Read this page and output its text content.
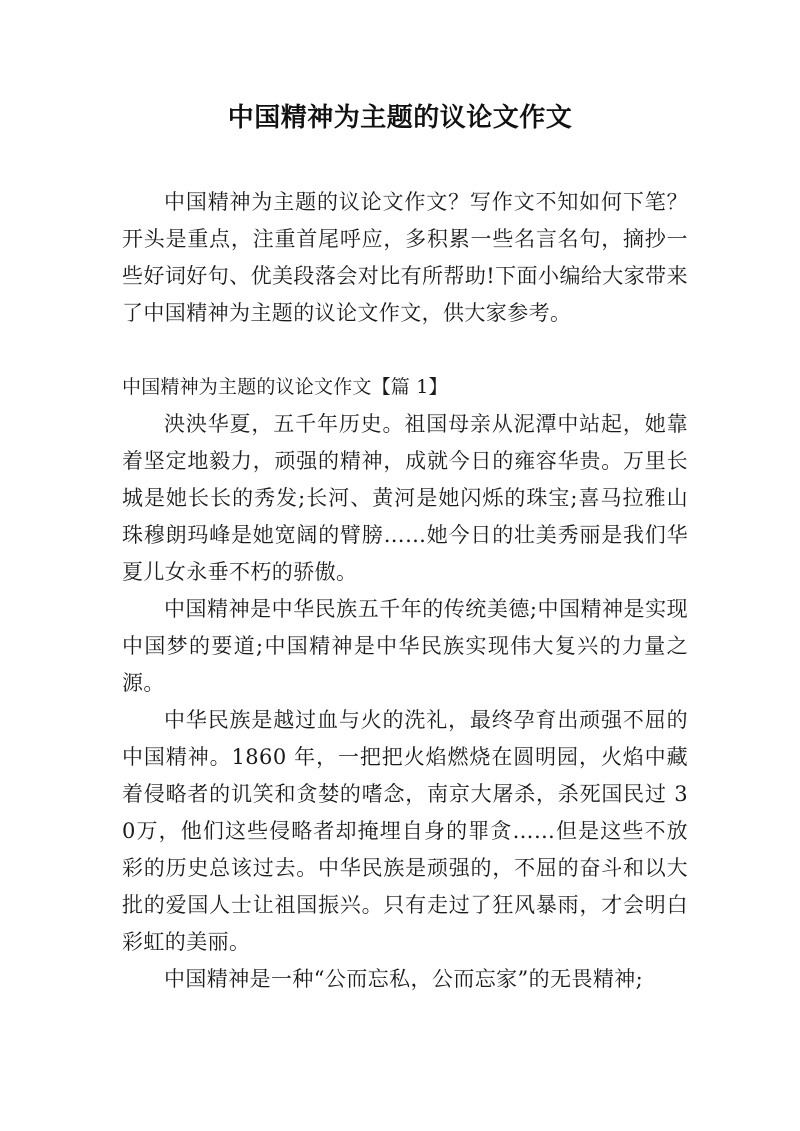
中国精神为主题的议论文作文

中国精神为主题的议论文作文？写作文不知如何下笔？开头是重点，注重首尾呼应，多积累一些名言名句，摘抄一些好词好句、优美段落会对比有所帮助!下面小编给大家带来了中国精神为主题的议论文作文，供大家参考。

中国精神为主题的议论文作文【篇 1】

泱泱华夏，五千年历史。祖国母亲从泥潭中站起，她靠着坚定地毅力，顽强的精神，成就今日的雍容华贵。万里长城是她长长的秀发;长河、黄河是她闪烁的珠宝;喜马拉雅山珠穆朗玛峰是她宽阔的臂膀……她今日的壮美秀丽是我们华夏儿女永垂不朽的骄傲。

中国精神是中华民族五千年的传统美德;中国精神是实现中国梦的要道;中国精神是中华民族实现伟大复兴的力量之源。

中华民族是越过血与火的洗礼，最终孕育出顽强不屈的中国精神。1860 年，一把把火焰燃烧在圆明园，火焰中藏着侵略者的讥笑和贪婪的嗜念，南京大屠杀，杀死国民过 30万，他们这些侵略者却掩埋自身的罪贪……但是这些不放彩的历史总该过去。中华民族是顽强的，不屈的奋斗和以大批的爱国人士让祖国振兴。只有走过了狂风暴雨，才会明白彩虹的美丽。

中国精神是一种“公而忘私，公而忘家”的无畏精神;
